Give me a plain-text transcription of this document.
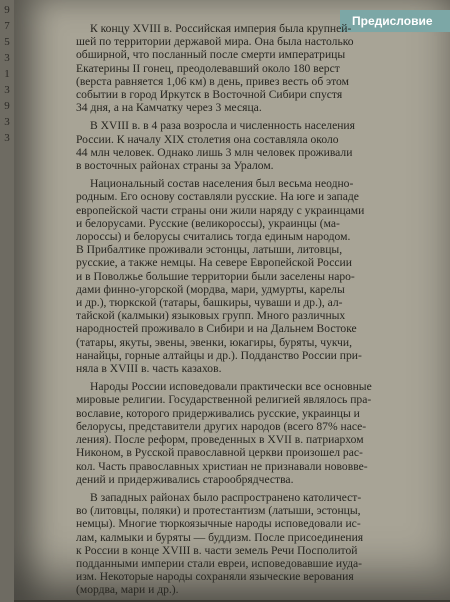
9
7
5
3
1
3
9
3
3
Предисловие

К концу XVIII в. Российская империя была крупней-
шей по территории державой мира. Она была настолько
обширной, что посланный после смерти императрицы
Екатерины II гонец, преодолевавший около 180 верст
(верста равняется 1,06 км) в день, привез весть об этом
событии в город Иркутск в Восточной Сибири спустя
34 дня, а на Камчатку через 3 месяца.

В XVIII в. в 4 раза возросла и численность населения
России. К началу XIX столетия она составляла около
44 млн человек. Однако лишь 3 млн человек проживали
в восточных районах страны за Уралом.

Национальный состав населения был весьма неодно-
родным. Его основу составляли русские. На юге и западе
европейской части страны они жили наряду с украинцами
и белорусами. Русские (великороссы), украинцы (ма-
лороссы) и белорусы считались тогда единым народом.
В Прибалтике проживали эстонцы, латыши, литовцы,
русские, а также немцы. На севере Европейской России
и в Поволжье большие территории были заселены наро-
дами финно-угорской (мордва, мари, удмурты, карелы
и др.), тюркской (татары, башкиры, чуваши и др.), ал-
тайской (калмыки) языковых групп. Много различных
народностей проживало в Сибири и на Дальнем Востоке
(татары, якуты, эвены, эвенки, юкагиры, буряты, чукчи,
нанайцы, горные алтайцы и др.). Подданство России при-
няла в XVIII в. часть казахов.

Народы России исповедовали практически все основные
мировые религии. Государственной религией являлось пра-
вославие, которого придерживались русские, украинцы и
белорусы, представители других народов (всего 87% насе-
ления). После реформ, проведенных в XVII в. патриархом
Никоном, в Русской православной церкви произошел рас-
кол. Часть православных христиан не признавали нововве-
дений и придерживались старообрядчества.

В западных районах было распространено католичест-
во (литовцы, поляки) и протестантизм (латыши, эстонцы,
немцы). Многие тюркоязычные народы исповедовали ис-
лам, калмыки и буряты — буддизм. После присоединения
к России в конце XVIII в. части земель Речи Посполитой
подданными империи стали евреи, исповедовавшие иуда-
изм. Некоторые народы сохраняли языческие верования
(мордва, мари и др.).
